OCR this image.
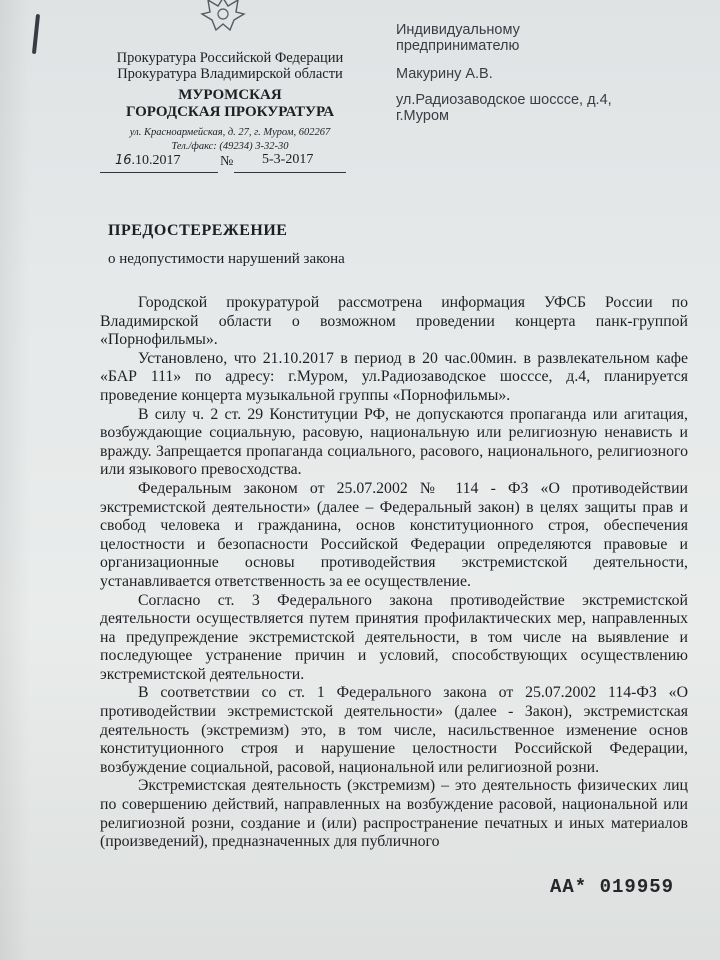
Прокуратура Российской Федерации
Прокуратура Владимирской области
МУРОМСКАЯ
ГОРОДСКАЯ ПРОКУРАТУРА
ул. Красноармейская, д. 27, г. Муром, 602267
Тел./факс: (49234) 3-32-30
16.10.2017	№ 5-3-2017
Индивидуальному
предпринимателю
Макурину А.В.
ул.Радиозаводское шосссе, д.4,
г.Муром
ПРЕДОСТЕРЕЖЕНИЕ
о недопустимости нарушений закона

Городской прокуратурой рассмотрена информация УФСБ России по Владимирской области о возможном проведении концерта панк-группой «Порнофильмы».

Установлено, что 21.10.2017 в период в 20 час.00мин. в развлекательном кафе «БАР 111» по адресу: г.Муром, ул.Радиозаводское шосссе, д.4, планируется проведение концерта музыкальной группы «Порнофильмы».

В силу ч. 2 ст. 29 Конституции РФ, не допускаются пропаганда или агитация, возбуждающие социальную, расовую, национальную или религиозную ненависть и вражду. Запрещается пропаганда социального, расового, национального, религиозного или языкового превосходства.

Федеральным законом от 25.07.2002 № 114 - ФЗ «О противодействии экстремистской деятельности» (далее – Федеральный закон) в целях защиты прав и свобод человека и гражданина, основ конституционного строя, обеспечения целостности и безопасности Российской Федерации определяются правовые и организационные основы противодействия экстремистской деятельности, устанавливается ответственность за ее осуществление.

Согласно ст. 3 Федерального закона противодействие экстремистской деятельности осуществляется путем принятия профилактических мер, направленных на предупреждение экстремистской деятельности, в том числе на выявление и последующее устранение причин и условий, способствующих осуществлению экстремистской деятельности.

В соответствии со ст. 1 Федерального закона от 25.07.2002 114-ФЗ «О противодействии экстремистской деятельности» (далее - Закон), экстремистская деятельность (экстремизм) это, в том числе, насильственное изменение основ конституционного строя и нарушение целостности Российской Федерации, возбуждение социальной, расовой, национальной или религиозной розни.

Экстремистская деятельность (экстремизм) – это деятельность физических лиц по совершению действий, направленных на возбуждение расовой, национальной или религиозной розни, создание и (или) распространение печатных и иных материалов (произведений), предназначенных для публичного

АА* 019959
